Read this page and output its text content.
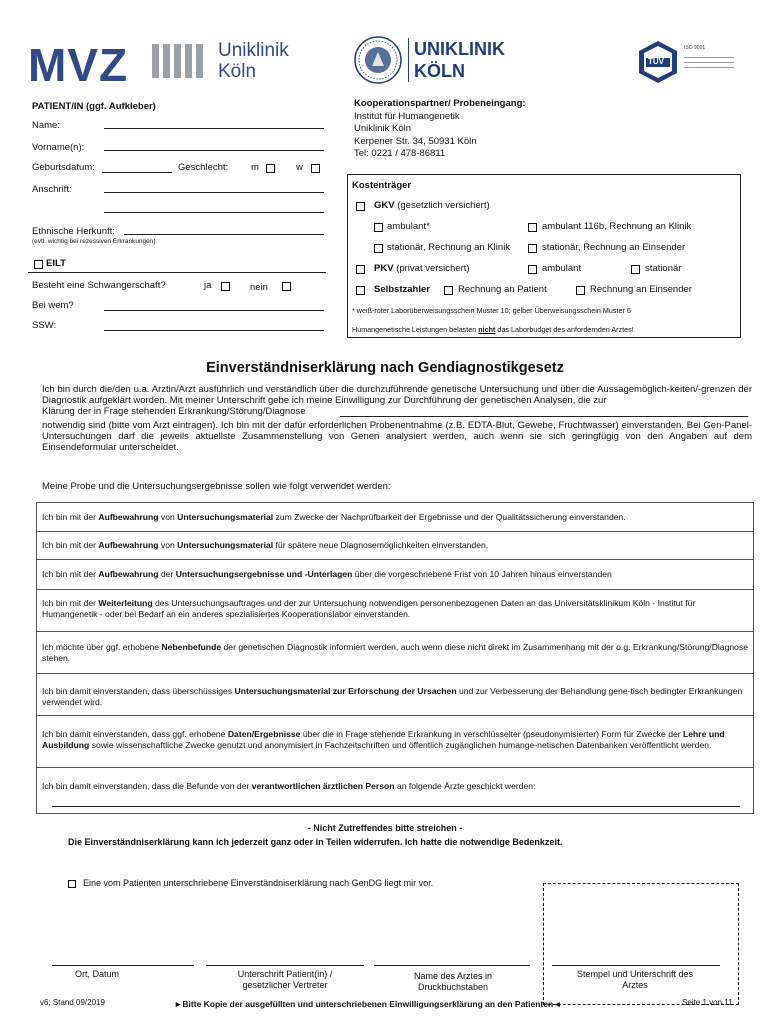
MVZ	Uniklinik
Köln
UNIKLINIK
KÖLN	TÜV
ISO 9001
PATIENT/IN (ggf. Aufkleber)
Name:
Vorname(n):
Geburtsdatum:	Geschlecht: m	w
Anschrift:
Ethnische Herkunft:
(evtl. wichtig bei rezessiven Erkrankungen)
EILT
Besteht eine Schwangerschaft?	ja	nein
Bei wem?
SSW:
Kooperationspartner/ Probeneingang:
Institut für Humangenetik
Uniklinik Köln
Kerpener Str. 34, 50931 Köln
Tel: 0221 / 478-86811
Kostenträger
GKV (gesetzlich versichert)
ambulant*	ambulant 116b, Rechnung an Klinik
stationär, Rechnung an Klinik	stationär, Rechnung an Einsender
PKV (privat versichert)	ambulant	stationär
Selbstzahler	Rechnung an Patient	Rechnung an Einsender
* weiß-roter Laborüberweisungsschein Muster 10; gelber Überweisungsschein Muster 6
Humangenetische Leistungen belasten nicht das Laborbudget des anfordernden Arztes!
Einverständniserklärung nach Gendiagnostikgesetz
Ich bin durch die/den u.a. Arztin/Arzt ausführlich und verständlich über die durchzuführende genetische Untersuchung und über die Aussagemöglich-keiten/-grenzen der Diagnostik aufgeklärt worden. Mit meiner Unterschrift gebe ich meine Einwilligung zur Durchführung der genetischen Analysen, die zur
Klärung der in Frage stehenden Erkrankung/Störung/Diagnose
notwendig sind (bitte vom Arzt eintragen). Ich bin mit der dafür erforderlichen Probenentnahme (z.B. EDTA-Blut, Gewebe, Fruchtwasser) einverstanden. Bei Gen-Panel-Untersuchungen darf die jeweils aktuellste Zusammenstellung von Genen analysiert werden, auch wenn sie sich geringfügig von den Angaben auf dem Einsendeformular unterscheidet.
Meine Probe und die Untersuchungsergebnisse sollen wie folgt verwendet werden:
Ich bin mit der Aufbewahrung von Untersuchungsmaterial zum Zwecke der Nachprüfbarkeit der Ergebnisse und der Qualitätssicherung einverstanden.
Ich bin mit der Aufbewahrung von Untersuchungsmaterial für spätere neue Diagnosemöglichkeiten einverstanden.
Ich bin mit der Aufbewahrung der Untersuchungsergebnisse und -Unterlagen über die vorgeschriebene Frist von 10 Jahren hinaus einverstanden
Ich bin mit der Weiterleitung des Untersuchungsauftrages und der zur Untersuchung notwendigen personenbezogenen Daten an das Universitätsklinikum Köln - Institut für Humangenetik - oder bei Bedarf an ein anderes spezialisiertes Kooperationslabor einverstanden.
Ich möchte über ggf. erhobene Nebenbefunde der genetischen Diagnostik informiert werden, auch wenn diese nicht direkt im Zusammenhang mit der o.g. Erkrankung/Störung/Diagnose stehen.
Ich bin damit einverstanden, dass überschüssiges Untersuchungsmaterial zur Erforschung der Ursachen und zur Verbesserung der Behandlung gene-tisch bedingter Erkrankungen verwendet wird.
Ich bin damit einverstanden, dass ggf. erhobene Daten/Ergebnisse über die in Frage stehende Erkrankung in verschlüsselter (pseudonymisierter) Form für Zwecke der Lehre und Ausbildung sowie wissenschaftliche Zwecke genutzt und anonymisiert in Fachzeitschriften und öffentlich zugänglichen humange-netischen Datenbanken veröffentlicht werden.
Ich bin damit einverstanden, dass die Befunde von der verantwortlichen ärztlichen Person an folgende Ärzte geschickt werden:
- Nicht Zutreffendes bitte streichen -
Die Einverständniserklärung kann ich jederzeit ganz oder in Teilen widerrufen. Ich hatte die notwendige Bedenkzeit.
Eine vom Patienten unterschriebene Einverständniserklärung nach GenDG liegt mir vor.
Ort, Datum	Unterschrift Patient(in) / gesetzlicher Vertreter
Name des Arztes in Druckbuchstaben
Stempel und Unterschrift des Arztes
v6; Stand 09/2019	►Bitte Kopie der ausgefüllten und unterschriebenen Einwilligungserklärung an den Patienten◄	Seite 1 von 11
